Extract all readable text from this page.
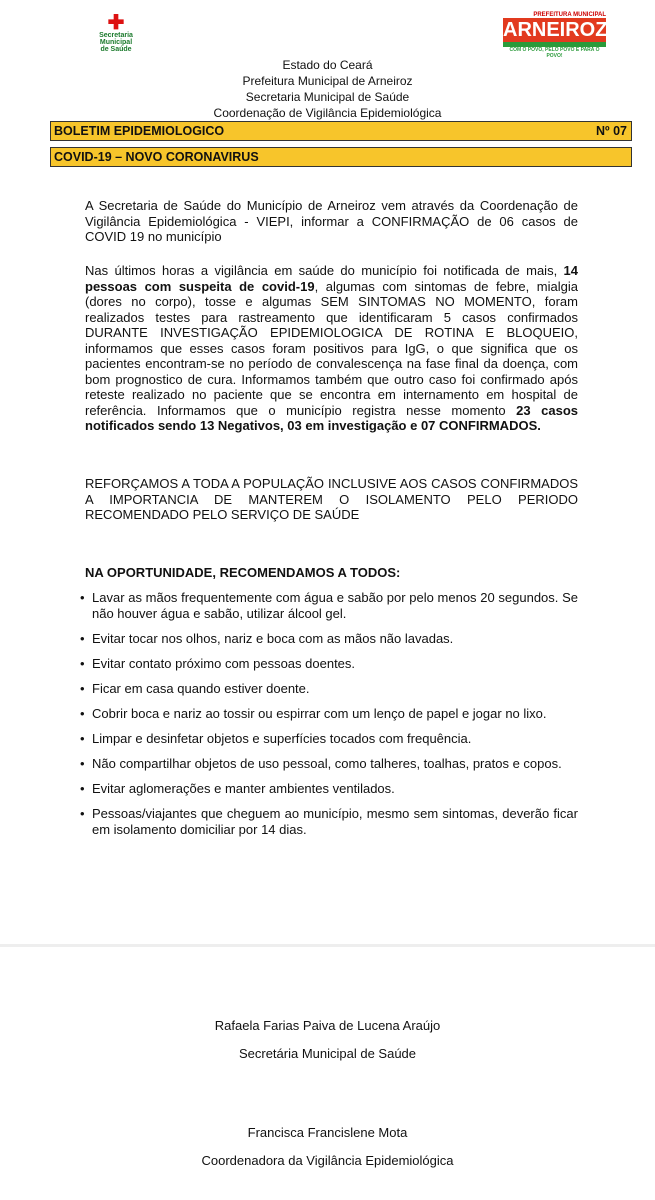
✚
Secretaria
Municipal
de Saúde
PREFEITURA MUNICIPAL
ARNEIROZ
COM O POVO, PELO POVO E PARA O POVO!
Estado do Ceará
Prefeitura Municipal de Arneiroz
Secretaria Municipal de Saúde
Coordenação de Vigilância Epidemiológica
BOLETIM EPIDEMIOLOGICO	Nº 07
COVID-19 – NOVO CORONAVIRUS
A Secretaria de Saúde do Município de Arneiroz vem através da Coordenação de Vigilância Epidemiológica - VIEPI, informar a CONFIRMAÇÃO de 06 casos de COVID 19 no município
Nas últimos horas a vigilância em saúde do município foi notificada de mais, 14 pessoas com suspeita de covid-19, algumas com sintomas de febre, mialgia (dores no corpo), tosse e algumas SEM SINTOMAS NO MOMENTO, foram realizados testes para rastreamento que identificaram 5 casos confirmados DURANTE INVESTIGAÇÃO EPIDEMIOLOGICA DE ROTINA E BLOQUEIO, informamos que esses casos foram positivos para IgG, o que significa que os pacientes encontram-se no período de convalescença na fase final da doença, com bom prognostico de cura. Informamos também que outro caso foi confirmado após reteste realizado no paciente que se encontra em internamento em hospital de referência. Informamos que o município registra nesse momento 23 casos notificados sendo 13 Negativos, 03 em investigação e 07 CONFIRMADOS.
REFORÇAMOS A TODA A POPULAÇÃO INCLUSIVE AOS CASOS CONFIRMADOS A IMPORTANCIA DE MANTEREM O ISOLAMENTO PELO PERIODO RECOMENDADO PELO SERVIÇO DE SAÚDE
NA OPORTUNIDADE, RECOMENDAMOS A TODOS:
• Lavar as mãos frequentemente com água e sabão por pelo menos 20 segundos. Se não houver água e sabão, utilizar álcool gel.
• Evitar tocar nos olhos, nariz e boca com as mãos não lavadas.
• Evitar contato próximo com pessoas doentes.
• Ficar em casa quando estiver doente.
• Cobrir boca e nariz ao tossir ou espirrar com um lenço de papel e jogar no lixo.
• Limpar e desinfetar objetos e superfícies tocados com frequência.
• Não compartilhar objetos de uso pessoal, como talheres, toalhas, pratos e copos.
• Evitar aglomerações e manter ambientes ventilados.
• Pessoas/viajantes que cheguem ao município, mesmo sem sintomas, deverão ficar em isolamento domiciliar por 14 dias.
Rafaela Farias Paiva de Lucena Araújo
Secretária Municipal de Saúde
Francisca Francislene Mota
Coordenadora da Vigilância Epidemiológica
